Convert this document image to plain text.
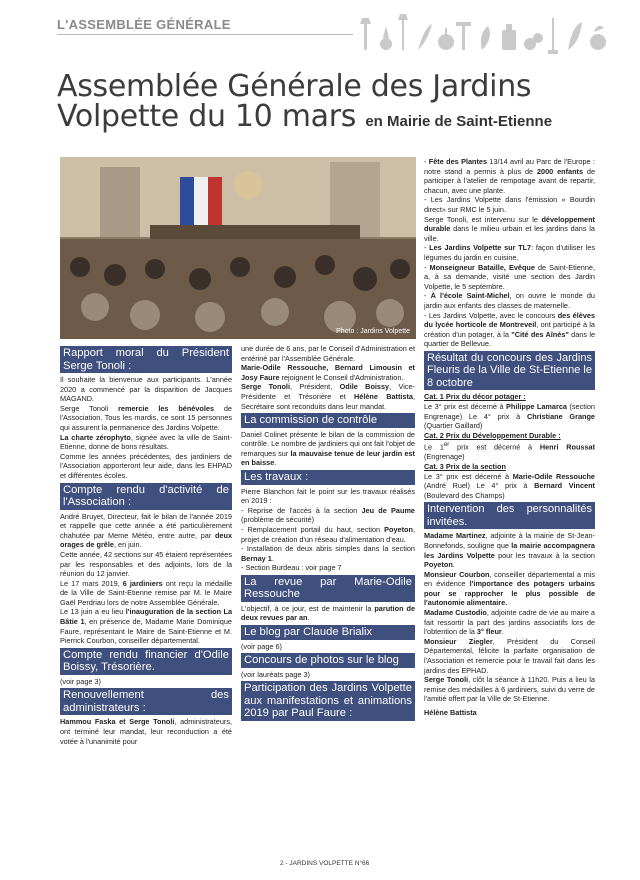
L'ASSEMBLÉE GÉNÉRALE
Assemblée Générale des Jardins Volpette du 10 mars en Mairie de Saint-Etienne
Photo : Jardins Volpette
Rapport moral du Président Serge Tonoli :

Il souhaite la bienvenue aux participants. L'année 2020 a commencé par la disparition de Jacques MAGAND.

Serge Tonoli remercie les bénévoles de l'Association. Tous les mardis, ce sont 15 personnes qui assurent la permanence des Jardins Volpette.

La charte zérophyto, signée avec la ville de Saint-Etienne, donne de bons résultats.

Comme les années précédentes, des jardiniers de l'Association apporteront leur aide, dans les EHPAD et différentes écoles.

Compte rendu d'activité de l'Association :

André Bruyet, Directeur, fait le bilan de l'année 2019 et rappelle que cette année a été particulièrement chahutée par Meme Météo, entre autre, par deux orages de grêle, en juin.

Cette année, 42 sections sur 45 étaient représentées par les responsables et des adjoints, lors de la réunion du 12 janvier.

Le 17 mars 2019, 6 jardiniers ont reçu la médaille de la Ville de Saint-Etienne remise par M. le Maire Gaël Perdriau lors de notre Assemblée Générale.

Le 13 juin a eu lieu l'inauguration de la section La Bâtie 1, en présence de, Madame Marie Dominique Faure, représentant le Maire de Saint-Etienne et M. Pierrick Courbon, conseiller départemental.

Compte rendu financier d'Odile Boissy, Trésorière.

(voir page 3)

Renouvellement des administrateurs :

Hammou Faska et Serge Tonoli, administrateurs, ont terminé leur mandat, leur reconduction a été votée à l'unanimité pour

une durée de 6 ans, par le Conseil d'Administration et entériné par l'Assemblée Générale.

Marie-Odile Ressouche, Bernard Limousin et Josy Faure rejoignent le Conseil d'Administration.

Serge Tonoli, Président, Odile Boissy, Vice-Présidente et Trésorière et Hélène Battista, Secrétaire sont reconduits dans leur mandat.

La commission de contrôle

Daniel Colinet présente le bilan de la commission de contrôle. Le nombre de jardiniers qui ont fait l'objet de remarques sur la mauvaise tenue de leur jardin est en baisse.

Les travaux :

Pierre Blanchon fait le point sur les travaux réalisés en 2019 :

- Reprise de l'accès à la section Jeu de Paume (problème de sécurité)

- Remplacement portail du haut, section Poyeton, projet de création d'un réseau d'alimentation d'eau.

- Installation de deux abris simples dans la section Bernay 1.

- Section Burdeau : voir page 7

La revue par Marie-Odile Ressouche

L'objectif, à ce jour, est de maintenir la parution de deux revues par an.

Le blog par Claude Brialix

(voir page 6)

Concours de photos sur le blog

(voir lauréats page 3)

Participation des Jardins Volpette aux manifestations et animations 2019 par Paul Faure :

- Fête des Plantes 13/14 avril au Parc de l'Europe : notre stand a permis à plus de 2000 enfants de participer à l'atelier de rempotage avant de repartir, chacun, avec une plante.

- Les Jardins Volpette dans l'émission « Bourdin direct» sur RMC le 5 juin.

Serge Tonoli, est intervenu sur le développement durable dans le milieu urbain et les jardins dans la ville.

- Les Jardins Volpette sur TL7: façon d'utiliser les légumes du jardin en cuisine.

- Monseigneur Bataille, Evêque de Saint-Etienne, a, à sa demande, visité une section des Jardin Volpette, le 5 septembre.

- À l'école Saint-Michel, on ouvre le monde du jardin aux enfants des classes de maternelle.

- Les Jardins Volpette, avec le concours des élèves du lycée horticole de Montreveil, ont participé à la création d'un potager, à la "Cité des Aînés" dans le quartier de Bellevue.

Résultat du concours des Jardins Fleuris de la Ville de St-Etienne le 8 octobre

Cat. 1 Prix du décor potager :

Le 3° prix est décerné à Philippe Lamarca (section Engrenage) Le 4° prix à Christiane Grange (Quartier Gaillard)

Cat. 2 Prix du Développement Durable :

Le 1er prix est décerné à Henri Roussat (Engrenage)

Cat. 3 Prix de la section

Le 3° prix est décerné à Marie-Odile Ressouche (André Ruel) Le 4° prix à Bernard Vincent (Boulevard des Champs)

Intervention des personnalités invitées.

Madame Martinez, adjointe à la mairie de St-Jean-Bonnefonds, souligne que la mairie accompagnera les Jardins Volpette pour les travaux à la section Poyeton.

Monsieur Courbon, conseiller départemental a mis en évidence l'importance des potagers urbains pour se rapprocher le plus possible de l'autonomie alimentaire.

Madame Custodio, adjointe cadre de vie au maire a fait ressortir la part des jardins associatifs lors de l'obtention de la 3° fleur.

Monsieur Ziegler, Président du Conseil Départemental, félicite la parfaite organisation de l'Association et remercie pour le travail fait dans les jardins des EPHAD.

Serge Tonoli, clôt la séance à 11h20. Puis a lieu la remise des médailles à 6 jardiniers, suivi du verre de l'amitié offert par la Ville de St-Etienne.

Hélène Battista

2 - JARDINS VOLPETTE N°66
